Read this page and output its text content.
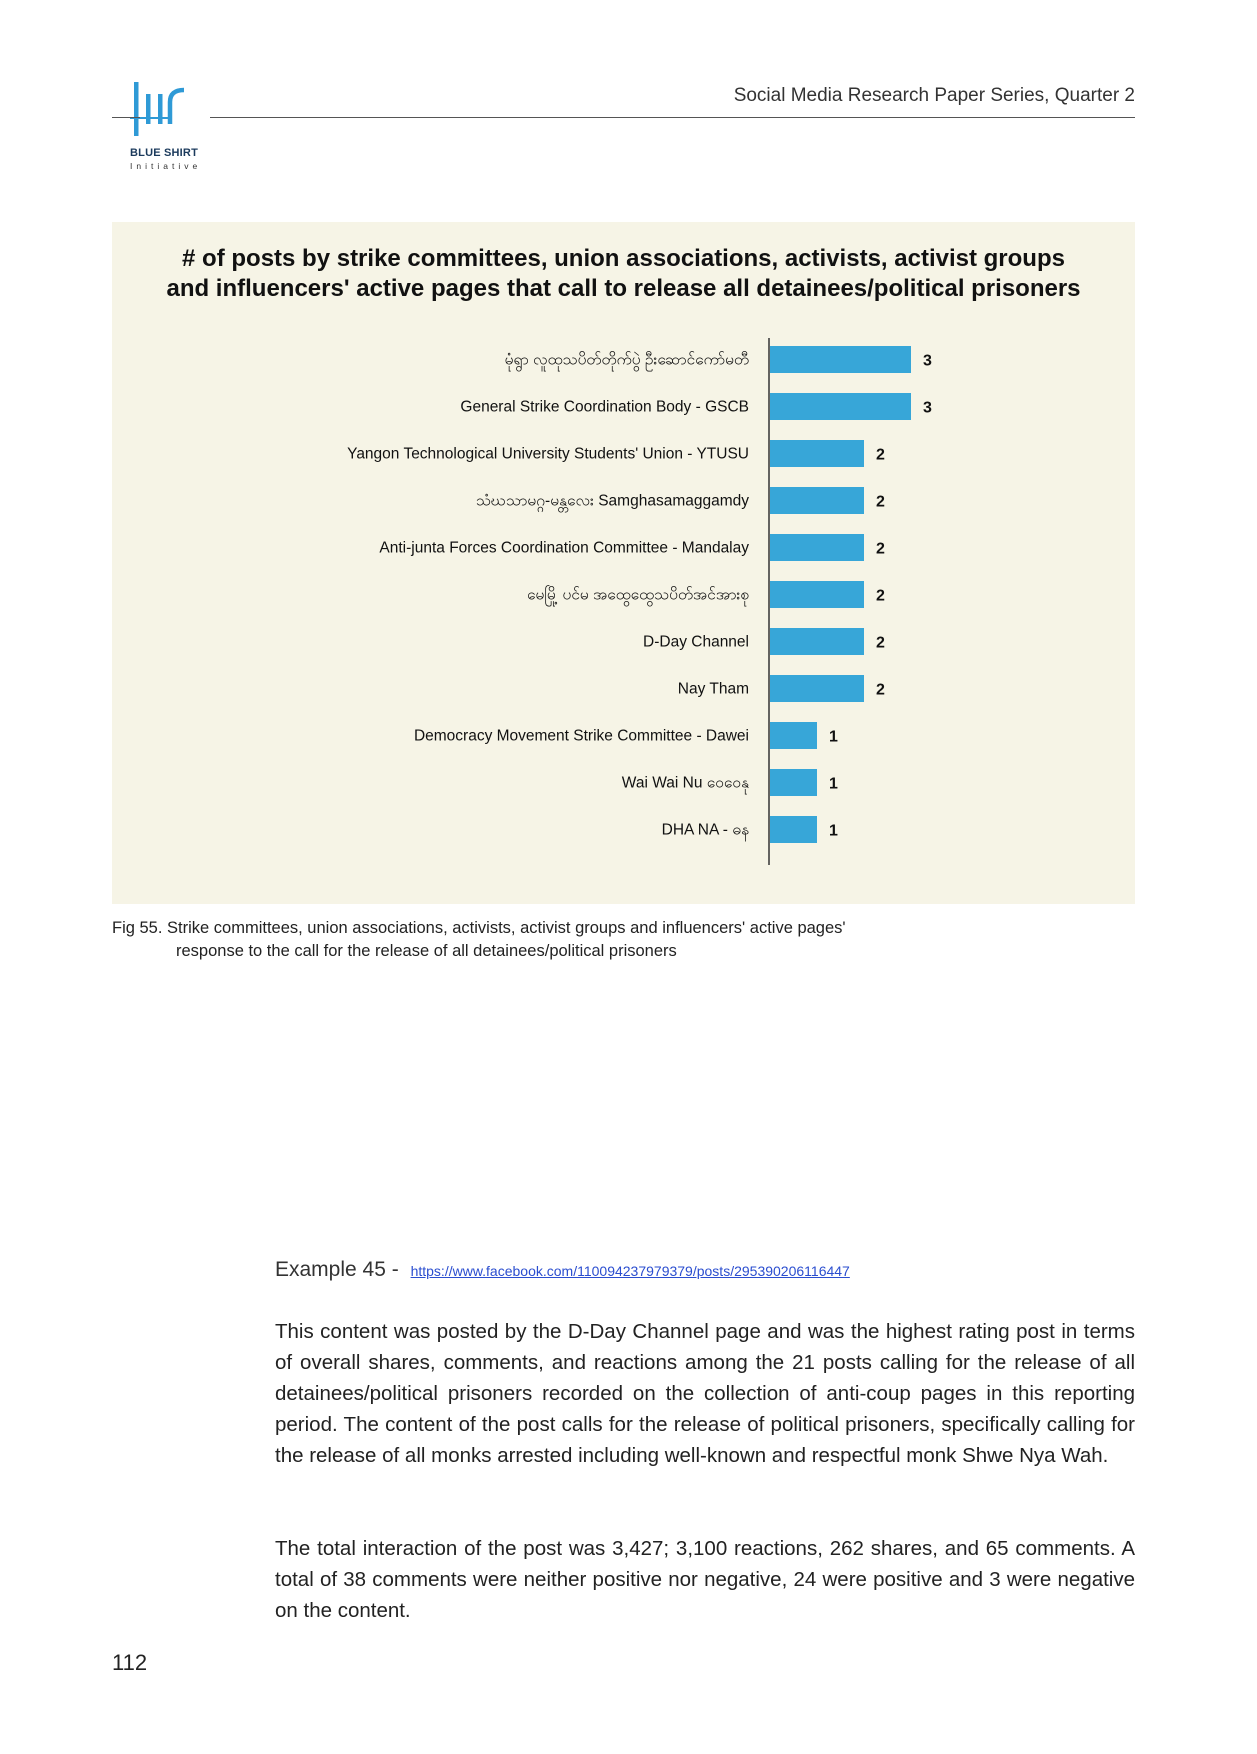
BLUE SHIRT
Initiative
Social Media Research Paper Series, Quarter 2
# of posts by strike committees, union associations, activists, activist groups
and influencers' active pages that call to release all detainees/political prisoners
မုံရွာ လူထုသပိတ်တိုက်ပွဲ ဦးဆောင်ကော်မတီ	3
General Strike Coordination Body - GSCB	3
Yangon Technological University Students' Union - YTUSU	2
သံဃသာမဂ္ဂ-မန္တလေး Samghasamaggamdy	2
Anti-junta Forces Coordination Committee - Mandalay	2
မေမြို့ ပင်မ အထွေထွေသပိတ်အင်အားစု	2
D-Day Channel	2
Nay Tham	2
Democracy Movement Strike Committee - Dawei	1
Wai Wai Nu ဝေဝေနု	1
DHA NA - ဓန	1
Fig 55. Strike committees, union associations, activists, activist groups and influencers' active pages'
response to the call for the release of all detainees/political prisoners
Example 45 - https://www.facebook.com/110094237979379/posts/295390206116447
This content was posted by the D-Day Channel page and was the highest rating post in terms of overall shares, comments, and reactions among the 21 posts calling for the release of all detainees/political prisoners recorded on the collection of anti-coup pages in this reporting period. The content of the post calls for the release of political prisoners, specifically calling for the release of all monks arrested including well-known and respectful monk Shwe Nya Wah.
The total interaction of the post was 3,427; 3,100 reactions, 262 shares, and 65 comments. A total of 38 comments were neither positive nor negative, 24 were positive and 3 were negative on the content.
112
